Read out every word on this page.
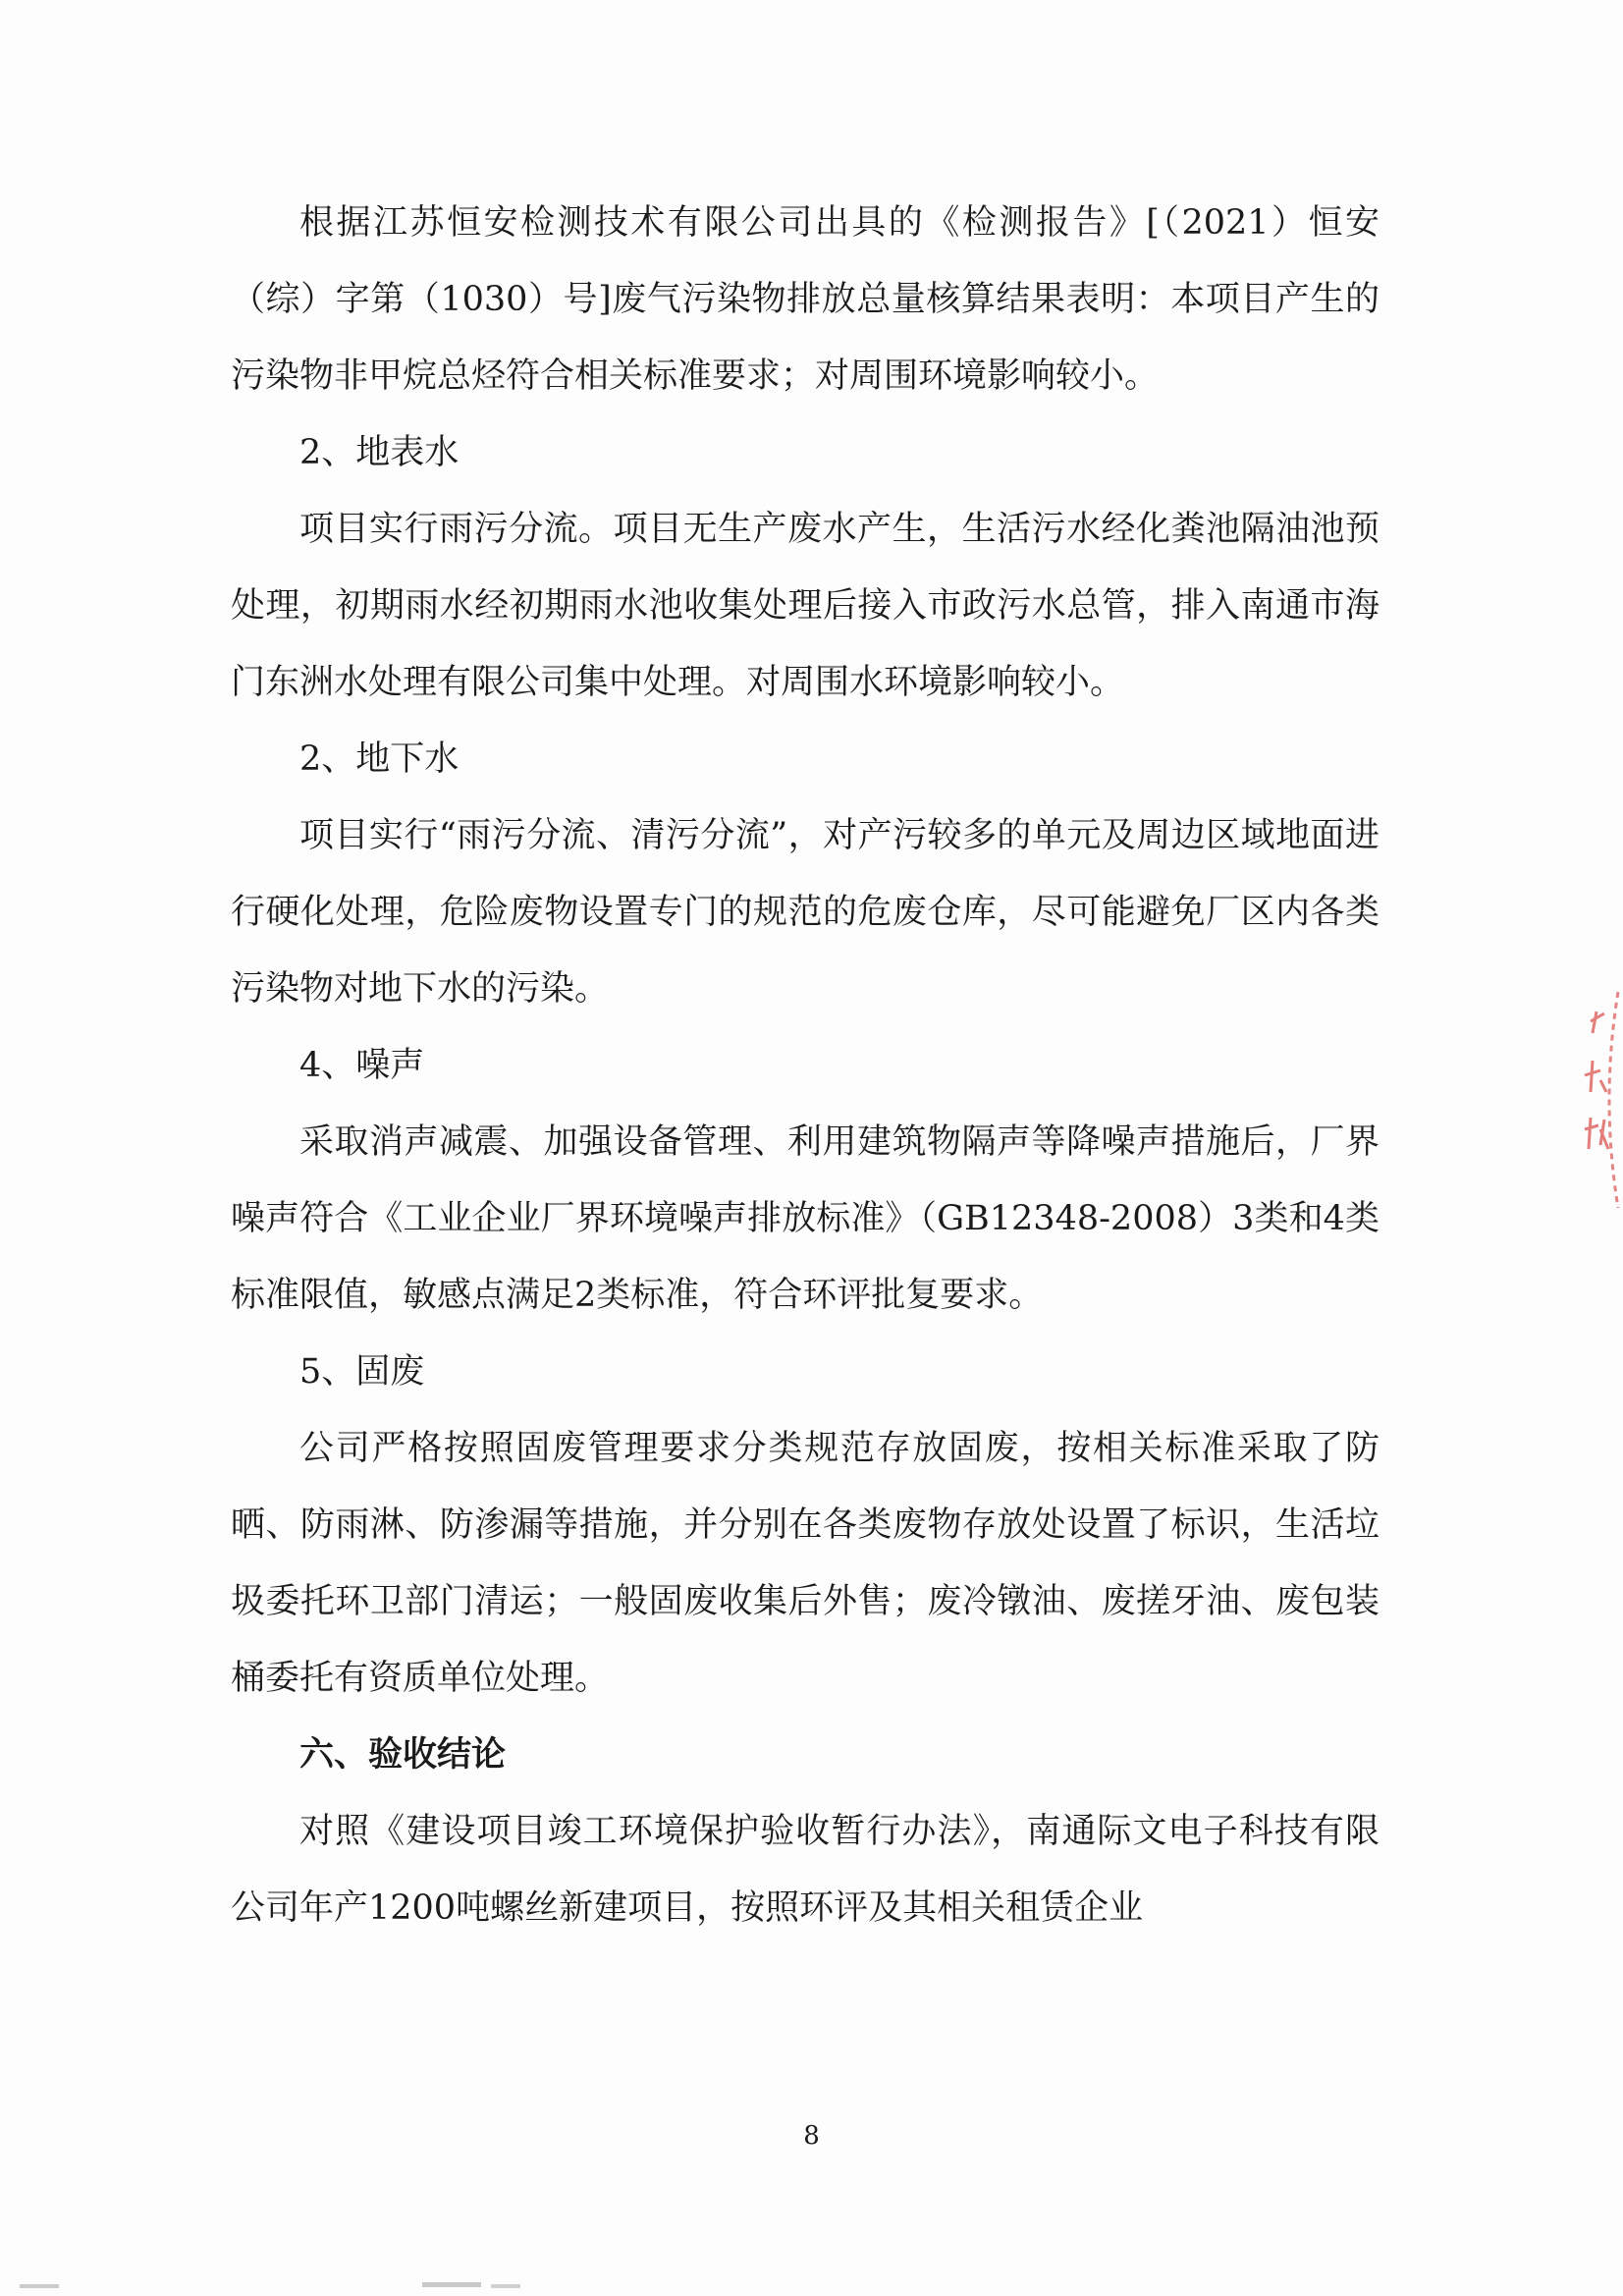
根据江苏恒安检测技术有限公司出具的《检测报告》[（2021）恒安（综）字第（1030）号]废气污染物排放总量核算结果表明：本项目产生的污染物非甲烷总烃符合相关标准要求；对周围环境影响较小。

2、地表水

项目实行雨污分流。项目无生产废水产生，生活污水经化粪池隔油池预处理，初期雨水经初期雨水池收集处理后接入市政污水总管，排入南通市海门东洲水处理有限公司集中处理。对周围水环境影响较小。

2、地下水

项目实行“雨污分流、清污分流”，对产污较多的单元及周边区域地面进行硬化处理，危险废物设置专门的规范的危废仓库，尽可能避免厂区内各类污染物对地下水的污染。

4、噪声

采取消声减震、加强设备管理、利用建筑物隔声等降噪声措施后，厂界噪声符合《工业企业厂界环境噪声排放标准》（GB12348-2008）3类和4类标准限值，敏感点满足2类标准，符合环评批复要求。

5、固废

公司严格按照固废管理要求分类规范存放固废，按相关标准采取了防晒、防雨淋、防渗漏等措施，并分别在各类废物存放处设置了标识，生活垃圾委托环卫部门清运；一般固废收集后外售；废冷镦油、废搓牙油、废包装桶委托有资质单位处理。

六、验收结论

对照《建设项目竣工环境保护验收暂行办法》，南通际文电子科技有限公司年产1200吨螺丝新建项目，按照环评及其相关租赁企业

8
